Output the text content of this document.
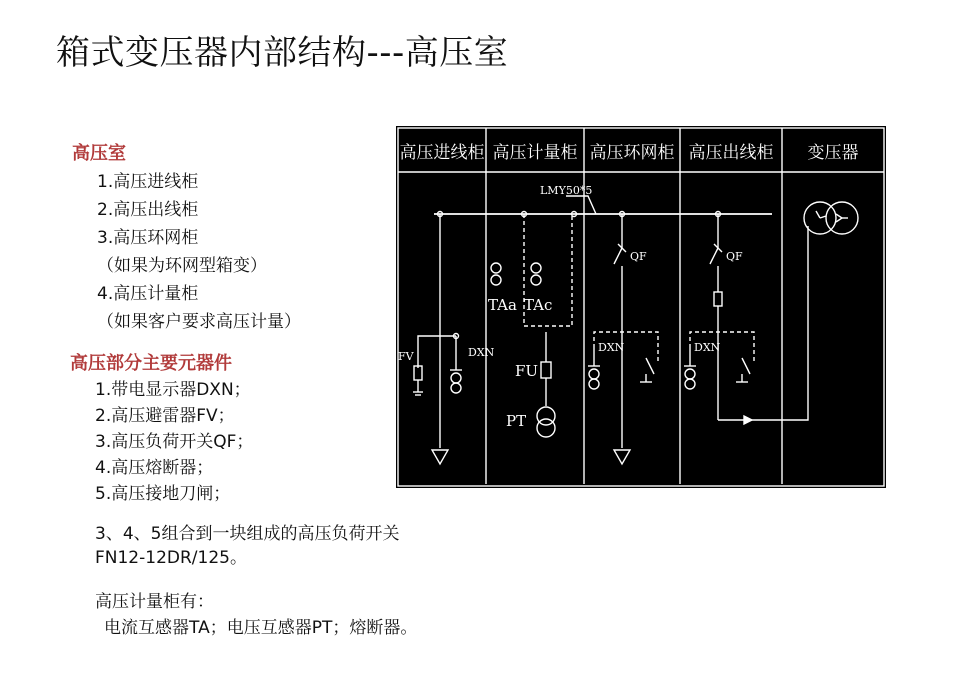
箱式变压器内部结构---高压室
高压室
1.高压进线柜
2.高压出线柜
3.高压环网柜
（如果为环网型箱变）
4.高压计量柜
（如果客户要求高压计量）
高压部分主要元器件
1.带电显示器DXN；
2.高压避雷器FV；
3.高压负荷开关QF；
4.高压熔断器；
5.高压接地刀闸；
3、4、5组合到一块组成的高压负荷开关
FN12-12DR/125。
高压计量柜有：
电流互感器TA；电压互感器PT；熔断器。
高压进线柜 高压计量柜 高压环网柜 高压出线柜 变压器
LMY50*5
FV	DXN	DXN	DXN
QF	QF
TAa TAc
FU
PT
